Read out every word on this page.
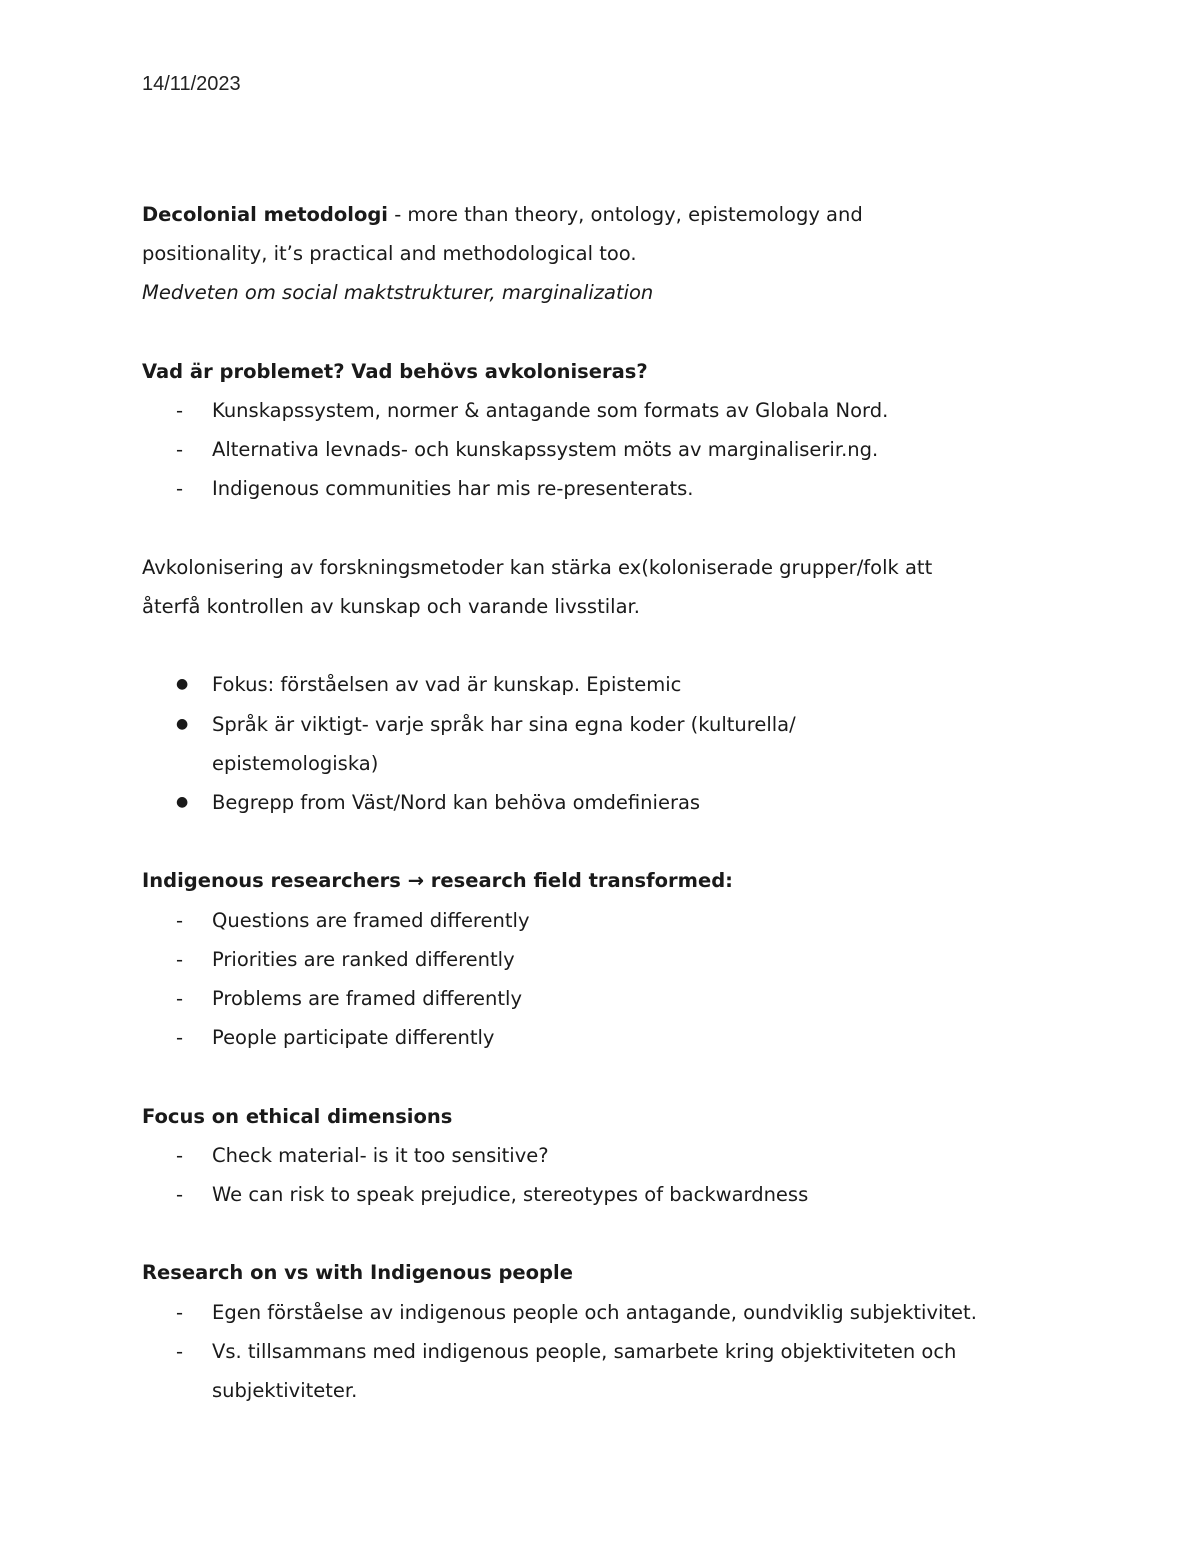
14/11/2023

Decolonial metodologi - more than theory, ontology, epistemology and

positionality, it’s practical and methodological too.

Medveten om social maktstrukturer, marginalization

Vad är problemet? Vad behövs avkoloniseras?

-	Kunskapssystem, normer & antagande som formats av Globala Nord.
-	Alternativa levnads- och kunskapssystem möts av marginaliserir.ng.
-	Indigenous communities har mis re-presenterats.

Avkolonisering av forskningsmetoder kan stärka ex(koloniserade grupper/folk att

återfå kontrollen av kunskap och varande livsstilar.

●	Fokus: förståelsen av vad är kunskap. Epistemic
●	Språk är viktigt- varje språk har sina egna koder (kulturella/
epistemologiska)
●	Begrepp from Väst/Nord kan behöva omdefinieras

Indigenous researchers → research field transformed:

-	Questions are framed differently
-	Priorities are ranked differently
-	Problems are framed differently
-	People participate differently

Focus on ethical dimensions

-	Check material- is it too sensitive?
-	We can risk to speak prejudice, stereotypes of backwardness

Research on vs with Indigenous people

-	Egen förståelse av indigenous people och antagande, oundviklig subjektivitet.
-	Vs. tillsammans med indigenous people, samarbete kring objektiviteten och
subjektiviteter.
